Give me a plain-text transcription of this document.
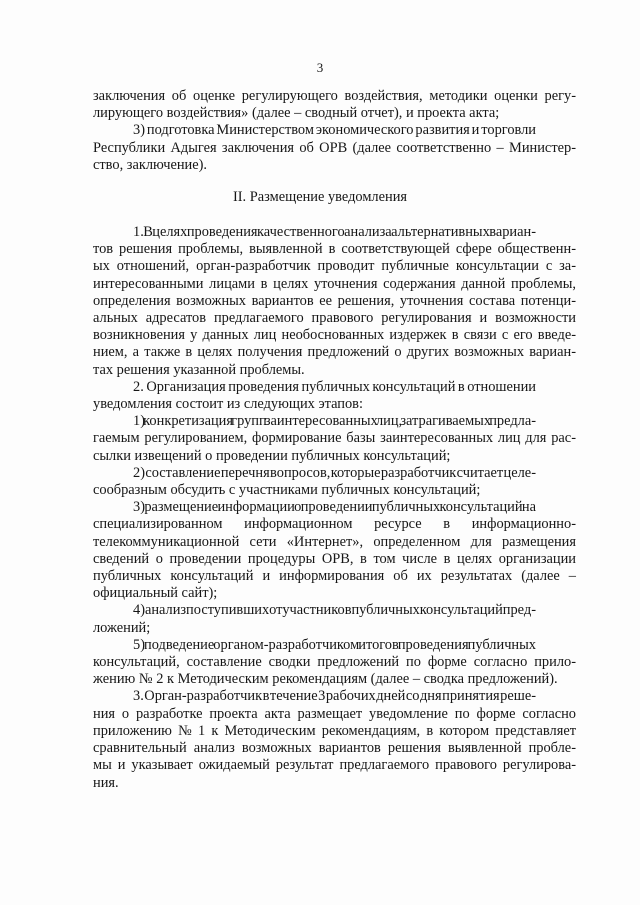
3

заключения об оценке регулирующего воздействия, методики оценки регу-
лирующего воздействия» (далее – сводный отчет), и проекта акта;
3) подготовка Министерством экономического развития и торговли
Республики Адыгея заключения об ОРВ (далее соответственно – Министер-
ство, заключение).

II. Размещение уведомления

1. В целях проведения качественного анализа альтернативных вариан-
тов решения проблемы, выявленной в соответствующей сфере общественн-
ых отношений, орган-разработчик проводит публичные консультации с за-
интересованными лицами в целях уточнения содержания данной проблемы,
определения возможных вариантов ее решения, уточнения состава потенци-
альных адресатов предлагаемого правового регулирования и возможности
возникновения у данных лиц необоснованных издержек в связи с его введе-
нием, а также в целях получения предложений о других возможных вариан-
тах решения указанной проблемы.
2. Организация проведения публичных консультаций в отношении
уведомления состоит из следующих этапов:
1) конкретизация групп заинтересованных лиц, затрагиваемых предла-
гаемым регулированием, формирование базы заинтересованных лиц для рас-
сылки извещений о проведении публичных консультаций;
2) составление перечня вопросов, которые разработчик считает целе-
сообразным обсудить с участниками публичных консультаций;
3) размещение информации о проведении публичных консультаций на
специализированном информационном ресурсе в информационно-
телекоммуникационной сети «Интернет», определенном для размещения
сведений о проведении процедуры ОРВ, в том числе в целях организации
публичных консультаций и информирования об их результатах (далее –
официальный сайт);
4) анализ поступивших от участников публичных консультаций пред-
ложений;
5) подведение органом-разработчиком итогов проведения публичных
консультаций, составление сводки предложений по форме согласно прило-
жению № 2 к Методическим рекомендациям (далее – сводка предложений).
3. Орган-разработчик в течение 3 рабочих дней со дня принятия реше-
ния о разработке проекта акта размещает уведомление по форме согласно
приложению № 1 к Методическим рекомендациям, в котором представляет
сравнительный анализ возможных вариантов решения выявленной пробле-
мы и указывает ожидаемый результат предлагаемого правового регулирова-
ния.
